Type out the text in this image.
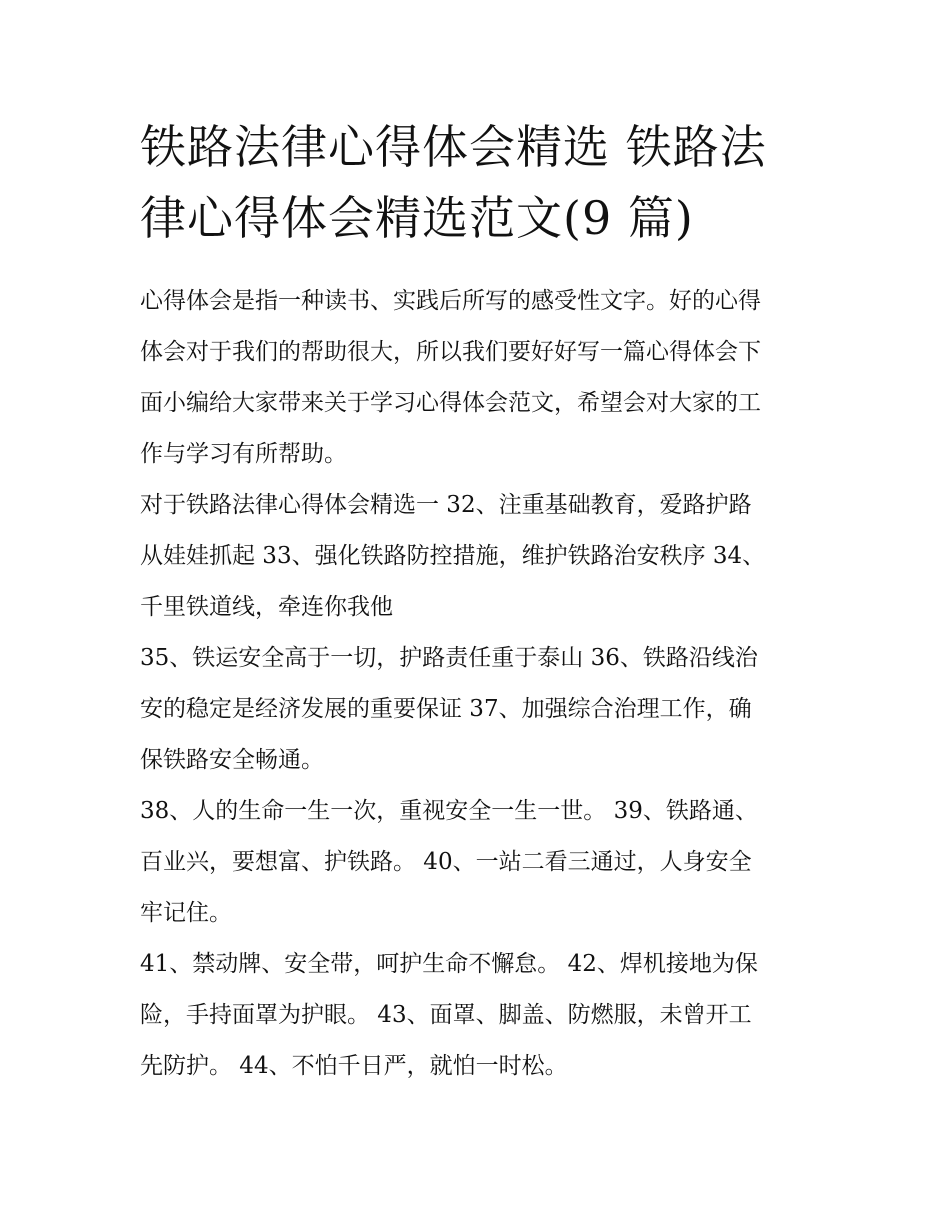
铁路法律心得体会精选 铁路法
律心得体会精选范文(9 篇)

心得体会是指一种读书、实践后所写的感受性文字。好的心得
体会对于我们的帮助很大，所以我们要好好写一篇心得体会下
面小编给大家带来关于学习心得体会范文，希望会对大家的工
作与学习有所帮助。

对于铁路法律心得体会精选一 32、注重基础教育，爱路护路
从娃娃抓起 33、强化铁路防控措施，维护铁路治安秩序 34、
千里铁道线，牵连你我他

35、铁运安全高于一切，护路责任重于泰山 36、铁路沿线治
安的稳定是经济发展的重要保证 37、加强综合治理工作，确
保铁路安全畅通。

38、人的生命一生一次，重视安全一生一世。 39、铁路通、
百业兴，要想富、护铁路。 40、一站二看三通过，人身安全
牢记住。

41、禁动牌、安全带，呵护生命不懈怠。 42、焊机接地为保
险，手持面罩为护眼。 43、面罩、脚盖、防燃服，未曾开工
先防护。 44、不怕千日严，就怕一时松。
